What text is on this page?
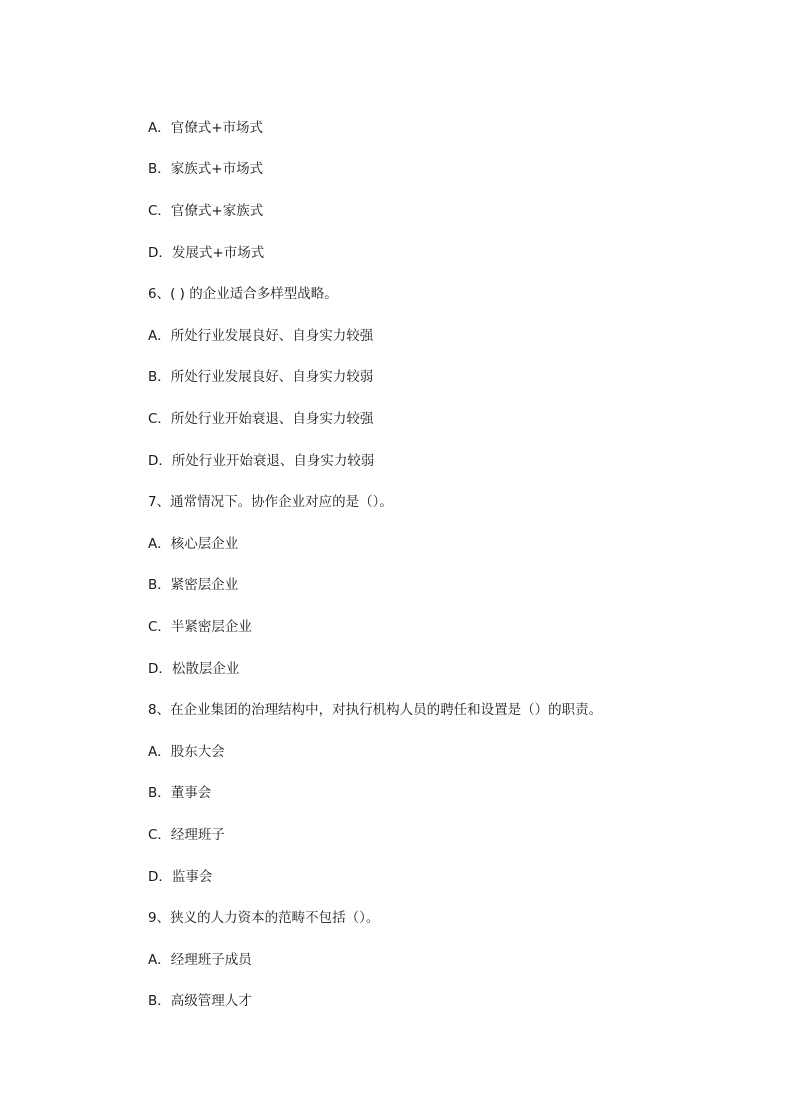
A．官僚式+市场式
B．家族式+市场式
C．官僚式+家族式
D．发展式+市场式
6、( ) 的企业适合多样型战略。
A．所处行业发展良好、自身实力较强
B．所处行业发展良好、自身实力较弱
C．所处行业开始衰退、自身实力较强
D．所处行业开始衰退、自身实力较弱
7、通常情况下。协作企业对应的是（）。
A．核心层企业
B．紧密层企业
C．半紧密层企业
D．松散层企业
8、在企业集团的治理结构中，对执行机构人员的聘任和设置是（）的职责。
A．股东大会
B．董事会
C．经理班子
D．监事会
9、狭义的人力资本的范畴不包括（）。
A．经理班子成员
B．高级管理人才
